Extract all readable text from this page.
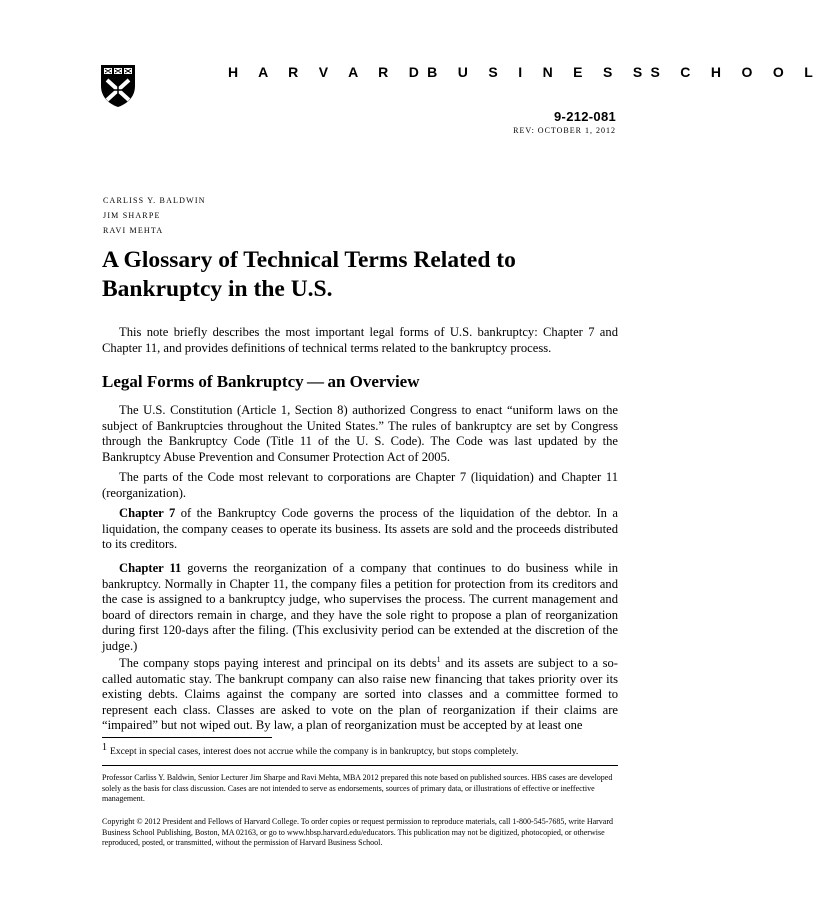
H A R V A R D B U S I N E S S S C H O O L
9-212-081
REV: OCTOBER 1, 2012
CARLISS Y. BALDWIN
JIM SHARPE
RAVI MEHTA
A Glossary of Technical Terms Related to
Bankruptcy in the U.S.

This note briefly describes the most important legal forms of U.S. bankruptcy: Chapter 7 and Chapter 11, and provides definitions of technical terms related to the bankruptcy process.

Legal Forms of Bankruptcy — an Overview

The U.S. Constitution (Article 1, Section 8) authorized Congress to enact “uniform laws on the subject of Bankruptcies throughout the United States.” The rules of bankruptcy are set by Congress through the Bankruptcy Code (Title 11 of the U. S. Code). The Code was last updated by the Bankruptcy Abuse Prevention and Consumer Protection Act of 2005.

The parts of the Code most relevant to corporations are Chapter 7 (liquidation) and Chapter 11 (reorganization).

Chapter 7 of the Bankruptcy Code governs the process of the liquidation of the debtor. In a liquidation, the company ceases to operate its business. Its assets are sold and the proceeds distributed to its creditors.

Chapter 11 governs the reorganization of a company that continues to do business while in bankruptcy. Normally in Chapter 11, the company files a petition for protection from its creditors and the case is assigned to a bankruptcy judge, who supervises the process. The current management and board of directors remain in charge, and they have the sole right to propose a plan of reorganization during first 120-days after the filing. (This exclusivity period can be extended at the discretion of the judge.)

The company stops paying interest and principal on its debts$^1$ and its assets are subject to a so-called automatic stay. The bankrupt company can also raise new financing that takes priority over its existing debts. Claims against the company are sorted into classes and a committee formed to represent each class. Classes are asked to vote on the plan of reorganization if their claims are “impaired” but not wiped out. By law, a plan of reorganization must be accepted by at least one

1 Except in special cases, interest does not accrue while the company is in bankruptcy, but stops completely.

Professor Carliss Y. Baldwin, Senior Lecturer Jim Sharpe and Ravi Mehta, MBA 2012 prepared this note based on published sources. HBS cases are developed solely as the basis for class discussion. Cases are not intended to serve as endorsements, sources of primary data, or illustrations of effective or ineffective management.

Copyright © 2012 President and Fellows of Harvard College. To order copies or request permission to reproduce materials, call 1-800-545-7685, write Harvard Business School Publishing, Boston, MA 02163, or go to www.hbsp.harvard.edu/educators. This publication may not be digitized, photocopied, or otherwise reproduced, posted, or transmitted, without the permission of Harvard Business School.
